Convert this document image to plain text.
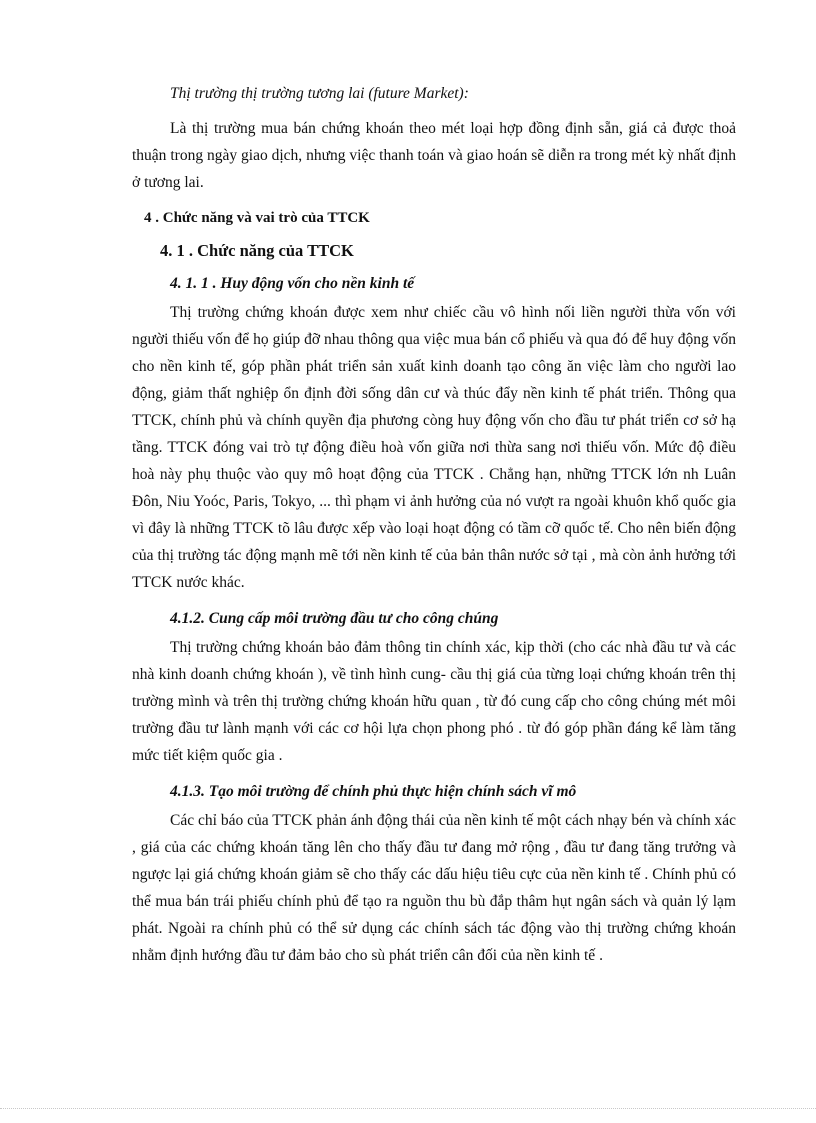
Thị trường thị trường tương lai (future Market):

Là thị trường mua bán chứng khoán theo mét loại hợp đồng định sẵn, giá cả được thoả thuận trong ngày giao dịch, nhưng việc thanh toán và giao hoán sẽ diễn ra trong mét kỳ nhất định ở tương lai.

4 . Chức năng và vai trò của TTCK
4. 1 . Chức năng của TTCK
4. 1. 1 . Huy động vốn cho nền kinh tế

Thị trường chứng khoán được xem như chiếc cầu vô hình nối liền người thừa vốn với người thiếu vốn để họ giúp đỡ nhau thông qua việc mua bán cổ phiếu và qua đó để huy động vốn cho nền kinh tế, góp phần phát triển sản xuất kinh doanh tạo công ăn việc làm cho người lao động, giảm thất nghiệp ổn định đời sống dân cư và thúc đẩy nền kinh tế phát triển. Thông qua TTCK, chính phủ và chính quyền địa phương còng huy động vốn cho đầu tư phát triển cơ sở hạ tầng. TTCK đóng vai trò tự động điều hoà vốn giữa nơi thừa sang nơi thiếu vốn. Mức độ điều hoà này phụ thuộc vào quy mô hoạt động của TTCK . Chẳng hạn, những TTCK lớn nh Luân Đôn, Niu Yoóc, Paris, Tokyo, ... thì phạm vi ảnh hưởng của nó vượt ra ngoài khuôn khổ quốc gia vì đây là những TTCK tõ lâu được xếp vào loại hoạt động có tầm cỡ quốc tế. Cho nên biến động của thị trường tác động mạnh mẽ tới nền kinh tế của bản thân nước sở tại , mà còn ảnh hưởng tới TTCK nước khác.

4.1.2. Cung cấp môi trường đầu tư cho công chúng

Thị trường chứng khoán bảo đảm thông tin chính xác, kịp thời (cho các nhà đầu tư và các nhà kinh doanh chứng khoán ), về tình hình cung- cầu thị giá của từng loại chứng khoán trên thị trường mình và trên thị trường chứng khoán hữu quan , từ đó cung cấp cho công chúng mét môi trường đầu tư lành mạnh với các cơ hội lựa chọn phong phó . từ đó góp phần đáng kể làm tăng mức tiết kiệm quốc gia .

4.1.3. Tạo môi trường để chính phủ thực hiện chính sách vĩ mô

Các chỉ báo của TTCK phản ánh động thái của nền kinh tế một cách nhạy bén và chính xác , giá của các chứng khoán tăng lên cho thấy đầu tư đang mở rộng , đầu tư đang tăng trưởng và ngược lại giá chứng khoán giảm sẽ cho thấy các dấu hiệu tiêu cực của nền kinh tế . Chính phủ có thể mua bán trái phiếu chính phủ để tạo ra nguồn thu bù đắp thâm hụt ngân sách và quản lý lạm phát. Ngoài ra chính phủ có thể sử dụng các chính sách tác động vào thị trường chứng khoán nhằm định hướng đầu tư đảm bảo cho sù phát triển cân đối của nền kinh tế .
